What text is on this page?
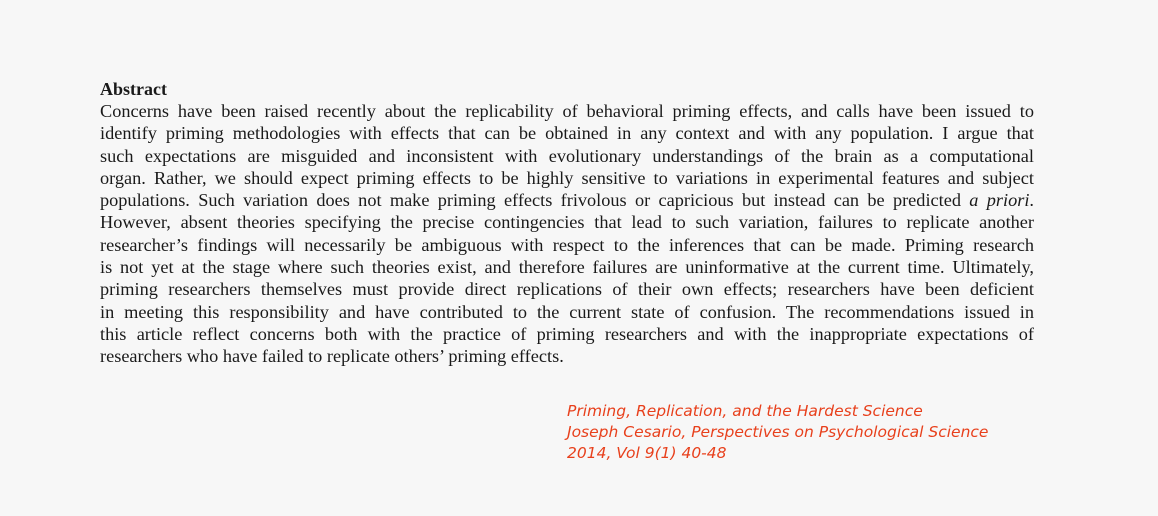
Abstract

Concerns have been raised recently about the replicability of behavioral priming effects, and calls have been issued to
identify priming methodologies with effects that can be obtained in any context and with any population. I argue that
such expectations are misguided and inconsistent with evolutionary understandings of the brain as a computational
organ. Rather, we should expect priming effects to be highly sensitive to variations in experimental features and subject
populations. Such variation does not make priming effects frivolous or capricious but instead can be predicted a priori.
However, absent theories specifying the precise contingencies that lead to such variation, failures to replicate another
researcher’s findings will necessarily be ambiguous with respect to the inferences that can be made. Priming research
is not yet at the stage where such theories exist, and therefore failures are uninformative at the current time. Ultimately,
priming researchers themselves must provide direct replications of their own effects; researchers have been deficient
in meeting this responsibility and have contributed to the current state of confusion. The recommendations issued in
this article reflect concerns both with the practice of priming researchers and with the inappropriate expectations of
researchers who have failed to replicate others’ priming effects.

Priming, Replication, and the Hardest Science
Joseph Cesario, Perspectives on Psychological Science
2014, Vol 9(1) 40-48
